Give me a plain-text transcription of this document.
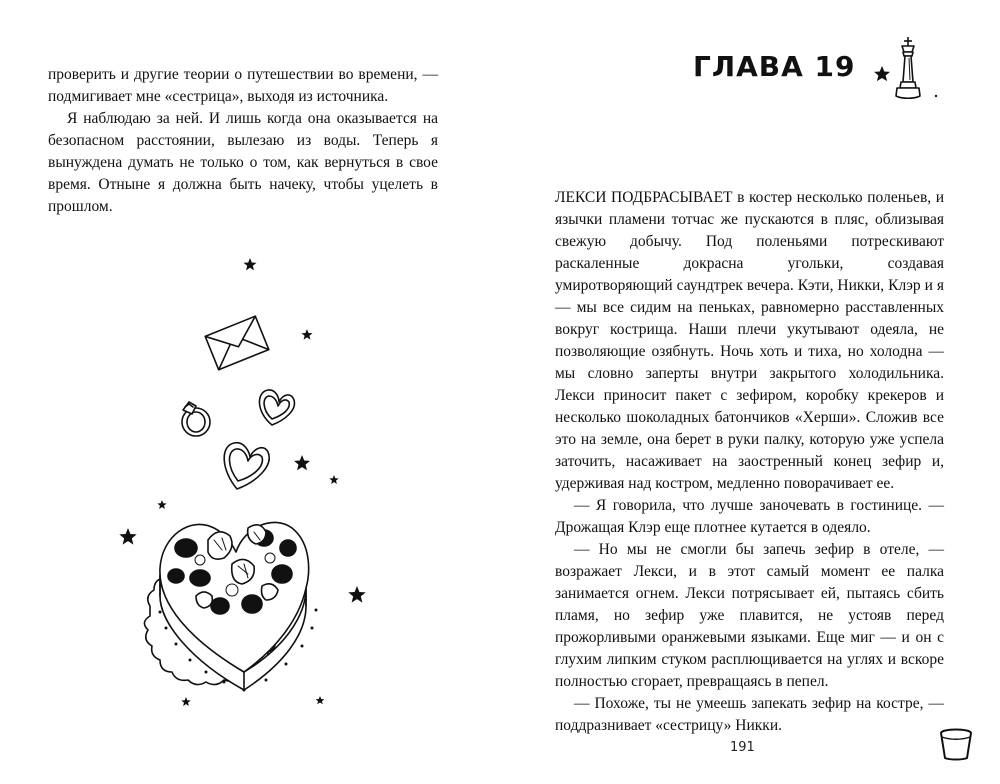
проверить и другие теории о путешествии во времени, — подмигивает мне «сестрица», выходя из источника.

Я наблюдаю за ней. И лишь когда она оказывается на безопасном расстоянии, вылезаю из воды. Теперь я вынуждена думать не только о том, как вернуться в свое время. Отныне я должна быть начеку, чтобы уцелеть в прошлом.

ГЛАВА 19

ЛЕКСИ ПОДБРАСЫВАЕТ в костер несколько поленьев, и язычки пламени тотчас же пускаются в пляс, облизывая свежую добычу. Под поленьями потрескивают раскаленные докрасна угольки, создавая умиротворяющий саундтрек вечера. Кэти, Никки, Клэр и я — мы все сидим на пеньках, равномерно расставленных вокруг кострища. Наши плечи укутывают одеяла, не позволяющие озябнуть. Ночь хоть и тиха, но холодна — мы словно заперты внутри закрытого холодильника. Лекси приносит пакет с зефиром, коробку крекеров и несколько шоколадных батончиков «Херши». Сложив все это на земле, она берет в руки палку, которую уже успела заточить, насаживает на заостренный конец зефир и, удерживая над костром, медленно поворачивает ее.

— Я говорила, что лучше заночевать в гостинице. — Дрожащая Клэр еще плотнее кутается в одеяло.

— Но мы не смогли бы запечь зефир в отеле, — возражает Лекси, и в этот самый момент ее палка занимается огнем. Лекси потрясывает ей, пытаясь сбить пламя, но зефир уже плавится, не устояв перед прожорливыми оранжевыми языками. Еще миг — и он с глухим липким стуком расплющивается на углях и вскоре полностью сгорает, превращаясь в пепел.

— Похоже, ты не умеешь запекать зефир на костре, — поддразнивает «сестрицу» Никки.

191
